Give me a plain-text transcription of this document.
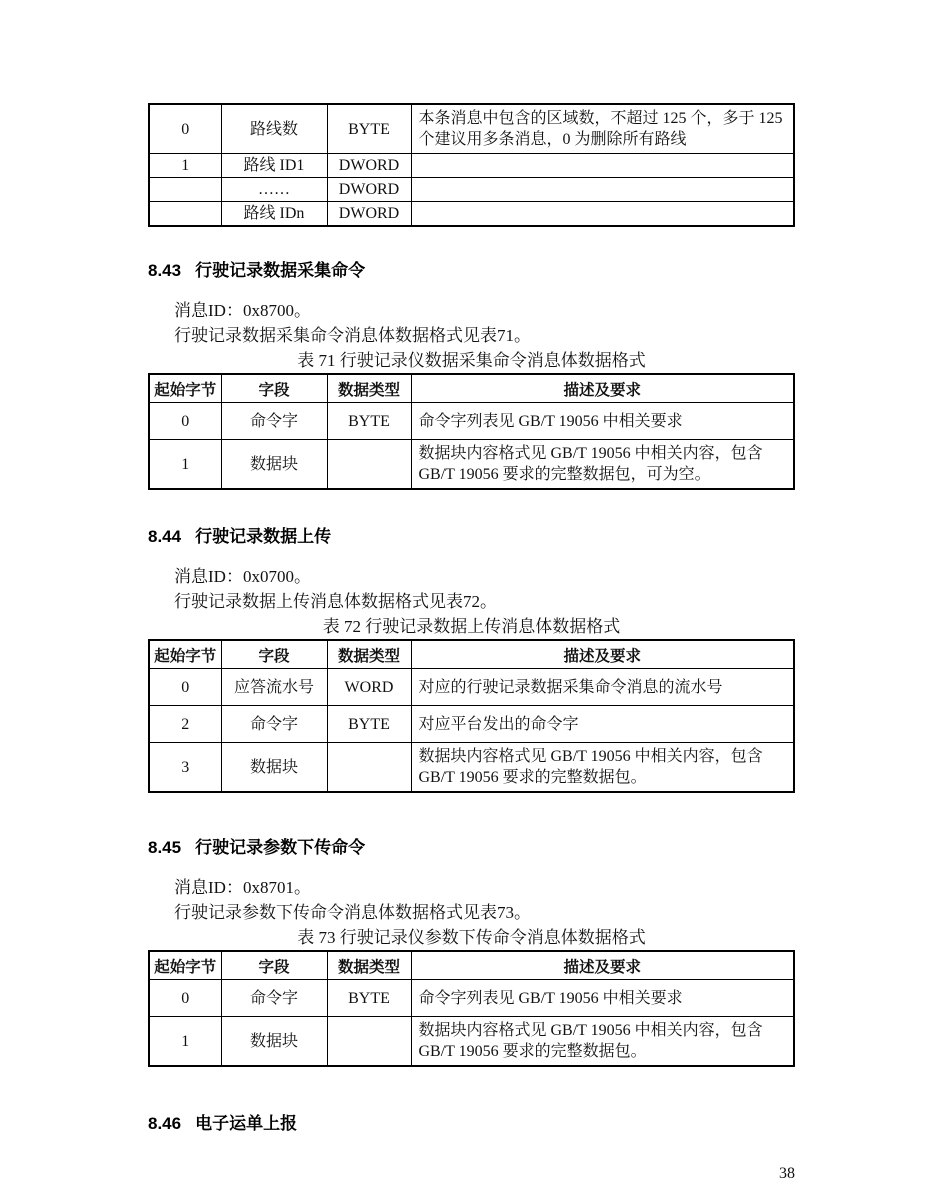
0	路线数	BYTE	本条消息中包含的区域数，不超过 125 个，多于 125 个建议用多条消息，0 为删除所有路线
1	路线 ID1	DWORD	
	……	DWORD	
	路线 IDn	DWORD	
8.43 行驶记录数据采集命令

消息ID：0x8700。

行驶记录数据采集命令消息体数据格式见表71。

表 71 行驶记录仪数据采集命令消息体数据格式
起始字节	字段	数据类型	描述及要求
0	命令字	BYTE	命令字列表见 GB/T 19056 中相关要求
1	数据块		数据块内容格式见 GB/T 19056 中相关内容，包含 GB/T 19056 要求的完整数据包，可为空。
8.44 行驶记录数据上传

消息ID：0x0700。

行驶记录数据上传消息体数据格式见表72。

表 72 行驶记录数据上传消息体数据格式
起始字节	字段	数据类型	描述及要求
0	应答流水号	WORD	对应的行驶记录数据采集命令消息的流水号
2	命令字	BYTE	对应平台发出的命令字
3	数据块		数据块内容格式见 GB/T 19056 中相关内容，包含 GB/T 19056 要求的完整数据包。
8.45 行驶记录参数下传命令

消息ID：0x8701。

行驶记录参数下传命令消息体数据格式见表73。

表 73 行驶记录仪参数下传命令消息体数据格式
起始字节	字段	数据类型	描述及要求
0	命令字	BYTE	命令字列表见 GB/T 19056 中相关要求
1	数据块		数据块内容格式见 GB/T 19056 中相关内容，包含 GB/T 19056 要求的完整数据包。
8.46 电子运单上报
38
